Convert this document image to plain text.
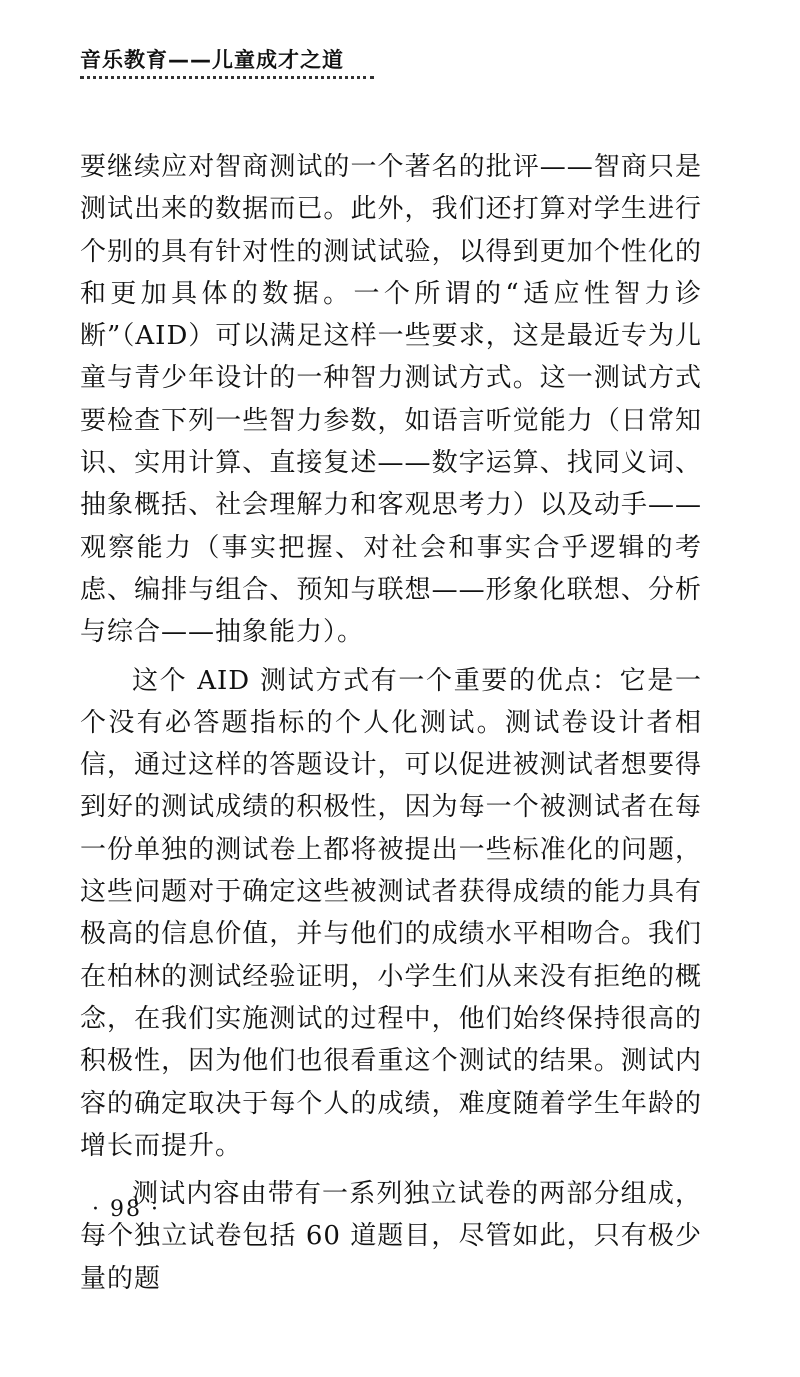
音乐教育——儿童成才之道

要继续应对智商测试的一个著名的批评——智商只是测试出来的数据而已。此外，我们还打算对学生进行个别的具有针对性的测试试验，以得到更加个性化的和更加具体的数据。一个所谓的“适应性智力诊断”（AID）可以满足这样一些要求，这是最近专为儿童与青少年设计的一种智力测试方式。这一测试方式要检查下列一些智力参数，如语言听觉能力（日常知识、实用计算、直接复述——数字运算、找同义词、抽象概括、社会理解力和客观思考力）以及动手——观察能力（事实把握、对社会和事实合乎逻辑的考虑、编排与组合、预知与联想——形象化联想、分析与综合——抽象能力）。

这个 AID 测试方式有一个重要的优点：它是一个没有必答题指标的个人化测试。测试卷设计者相信，通过这样的答题设计，可以促进被测试者想要得到好的测试成绩的积极性，因为每一个被测试者在每一份单独的测试卷上都将被提出一些标准化的问题，这些问题对于确定这些被测试者获得成绩的能力具有极高的信息价值，并与他们的成绩水平相吻合。我们在柏林的测试经验证明，小学生们从来没有拒绝的概念，在我们实施测试的过程中，他们始终保持很高的积极性，因为他们也很看重这个测试的结果。测试内容的确定取决于每个人的成绩，难度随着学生年龄的增长而提升。

测试内容由带有一系列独立试卷的两部分组成，每个独立试卷包括 60 道题目，尽管如此，只有极少量的题

· 98 ·
